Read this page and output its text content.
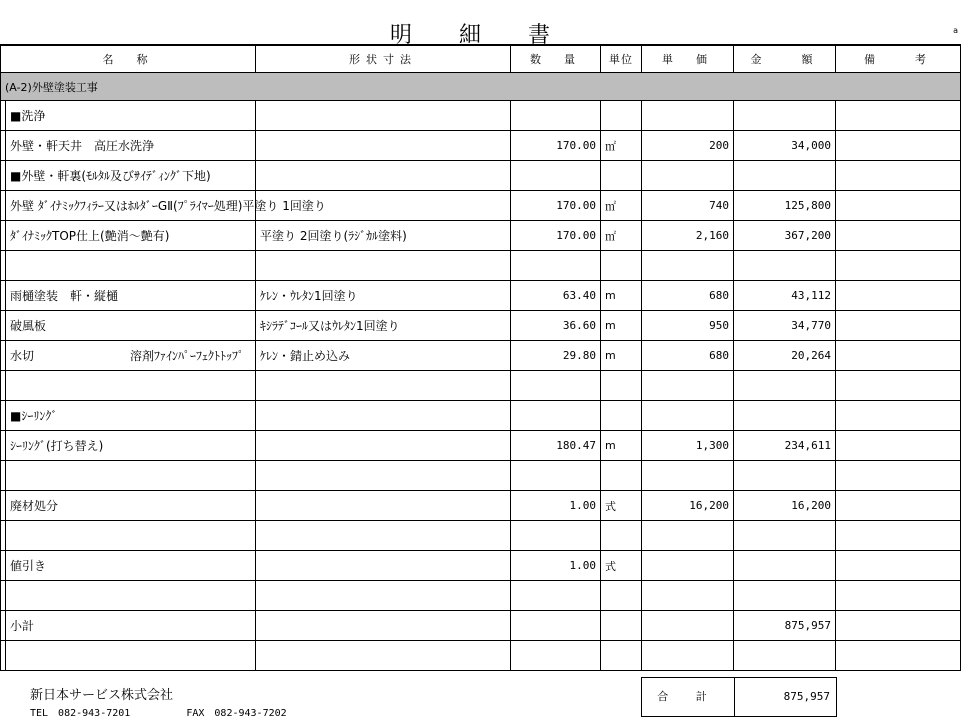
明 細 書	a
名　称		形状寸法	数　量	単位	単　価	金　　額	備　　考
(A-2)外壁塗装工事							
	■洗浄						
	外壁・軒天井　高圧水洗浄		170.00	㎡	200	34,000	
	■外壁・軒裏(ﾓﾙﾀﾙ及びｻｲﾃﾞｨﾝｸﾞ下地)						
	外壁 ﾀﾞｲﾅﾐｯｸﾌｨﾗｰ又はﾎﾙﾀﾞｰGⅡ(ﾌﾟﾗｲﾏｰ処理)平塗り 1回塗り		170.00	㎡	740	125,800	
	ﾀﾞｲﾅﾐｯｸTOP仕上(艶消～艶有)	平塗り 2回塗り(ﾗｼﾞｶﾙ塗料)	170.00	㎡	2,160	367,200	

	雨樋塗装　軒・縦樋	ｹﾚﾝ・ｳﾚﾀﾝ1回塗り	63.40	m	680	43,112	
	破風板	ｷｼﾗﾃﾞｺｰﾙ又はｳﾚﾀﾝ1回塗り	36.60	m	950	34,770	
	水切　　　　　　　　溶剤ﾌｧｲﾝﾊﾟｰﾌｪｸﾄﾄｯﾌﾟ	ｹﾚﾝ・錆止め込み	29.80	m	680	20,264	

	■ｼｰﾘﾝｸﾞ						
	ｼｰﾘﾝｸﾞ(打ち替え)		180.47	m	1,300	234,611	

	廃材処分		1.00	式	16,200	16,200	

	値引き		1.00	式			

	小計					875,957	

新日本サービス株式会社
TEL　082-943-7201	FAX　082-943-7202
合 計	875,957
